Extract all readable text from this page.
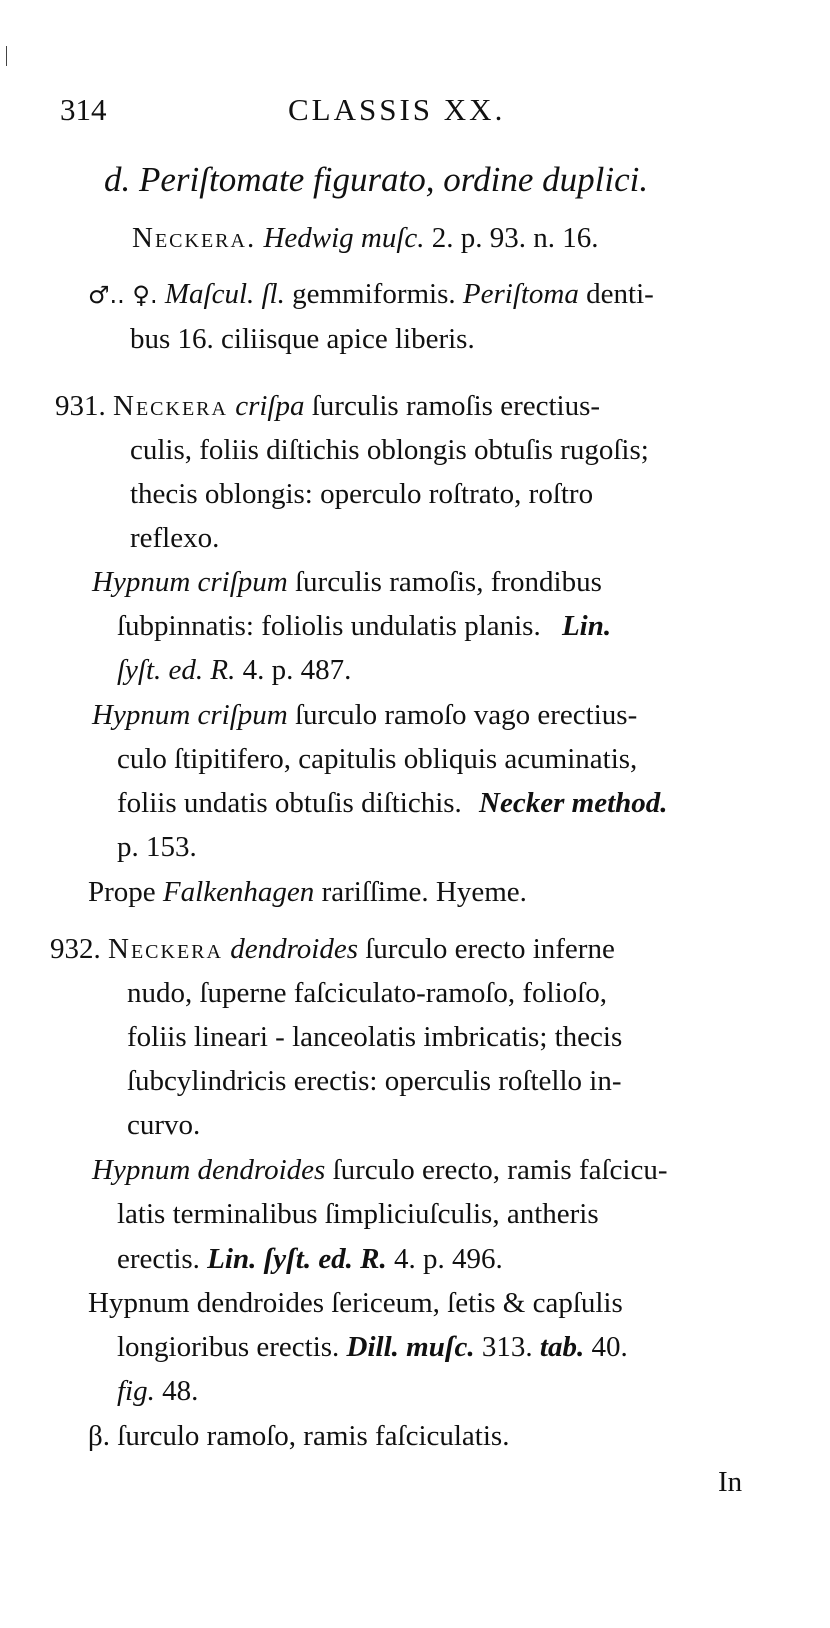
314	CLASSIS XX.
d. Periſtomate figurato, ordine duplici.
Neckera. Hedwig muſc. 2. p. 93. n. 16.
♂.. ♀. Maſcul. ſl. gemmiformis. Periſtoma denti-
bus 16. ciliisque apice liberis.
931. Neckera criſpa ſurculis ramoſis erectius-
culis, foliis diſtichis oblongis obtuſis rugoſis;
thecis oblongis: operculo roſtrato, roſtro
reflexo.
Hypnum criſpum ſurculis ramoſis, frondibus
ſubpinnatis: foliolis undulatis planis. Lin.
ſyſt. ed. R. 4. p. 487.
Hypnum criſpum ſurculo ramoſo vago erectius-
culo ſtipitifero, capitulis obliquis acuminatis,
foliis undatis obtuſis diſtichis. Necker method.
p. 153.
Prope Falkenhagen rariſſime. Hyeme.
932. Neckera dendroides ſurculo erecto inferne
nudo, ſuperne faſciculato-ramoſo, folioſo,
foliis lineari - lanceolatis imbricatis; thecis
ſubcylindricis erectis: operculis roſtello in-
curvo.
Hypnum dendroides ſurculo erecto, ramis faſcicu-
latis terminalibus ſimpliciuſculis, antheris
erectis. Lin. ſyſt. ed. R. 4. p. 496.
Hypnum dendroides ſericeum, ſetis & capſulis
longioribus erectis. Dill. muſc. 313. tab. 40.
fig. 48.
β. ſurculo ramoſo, ramis faſciculatis.
In
